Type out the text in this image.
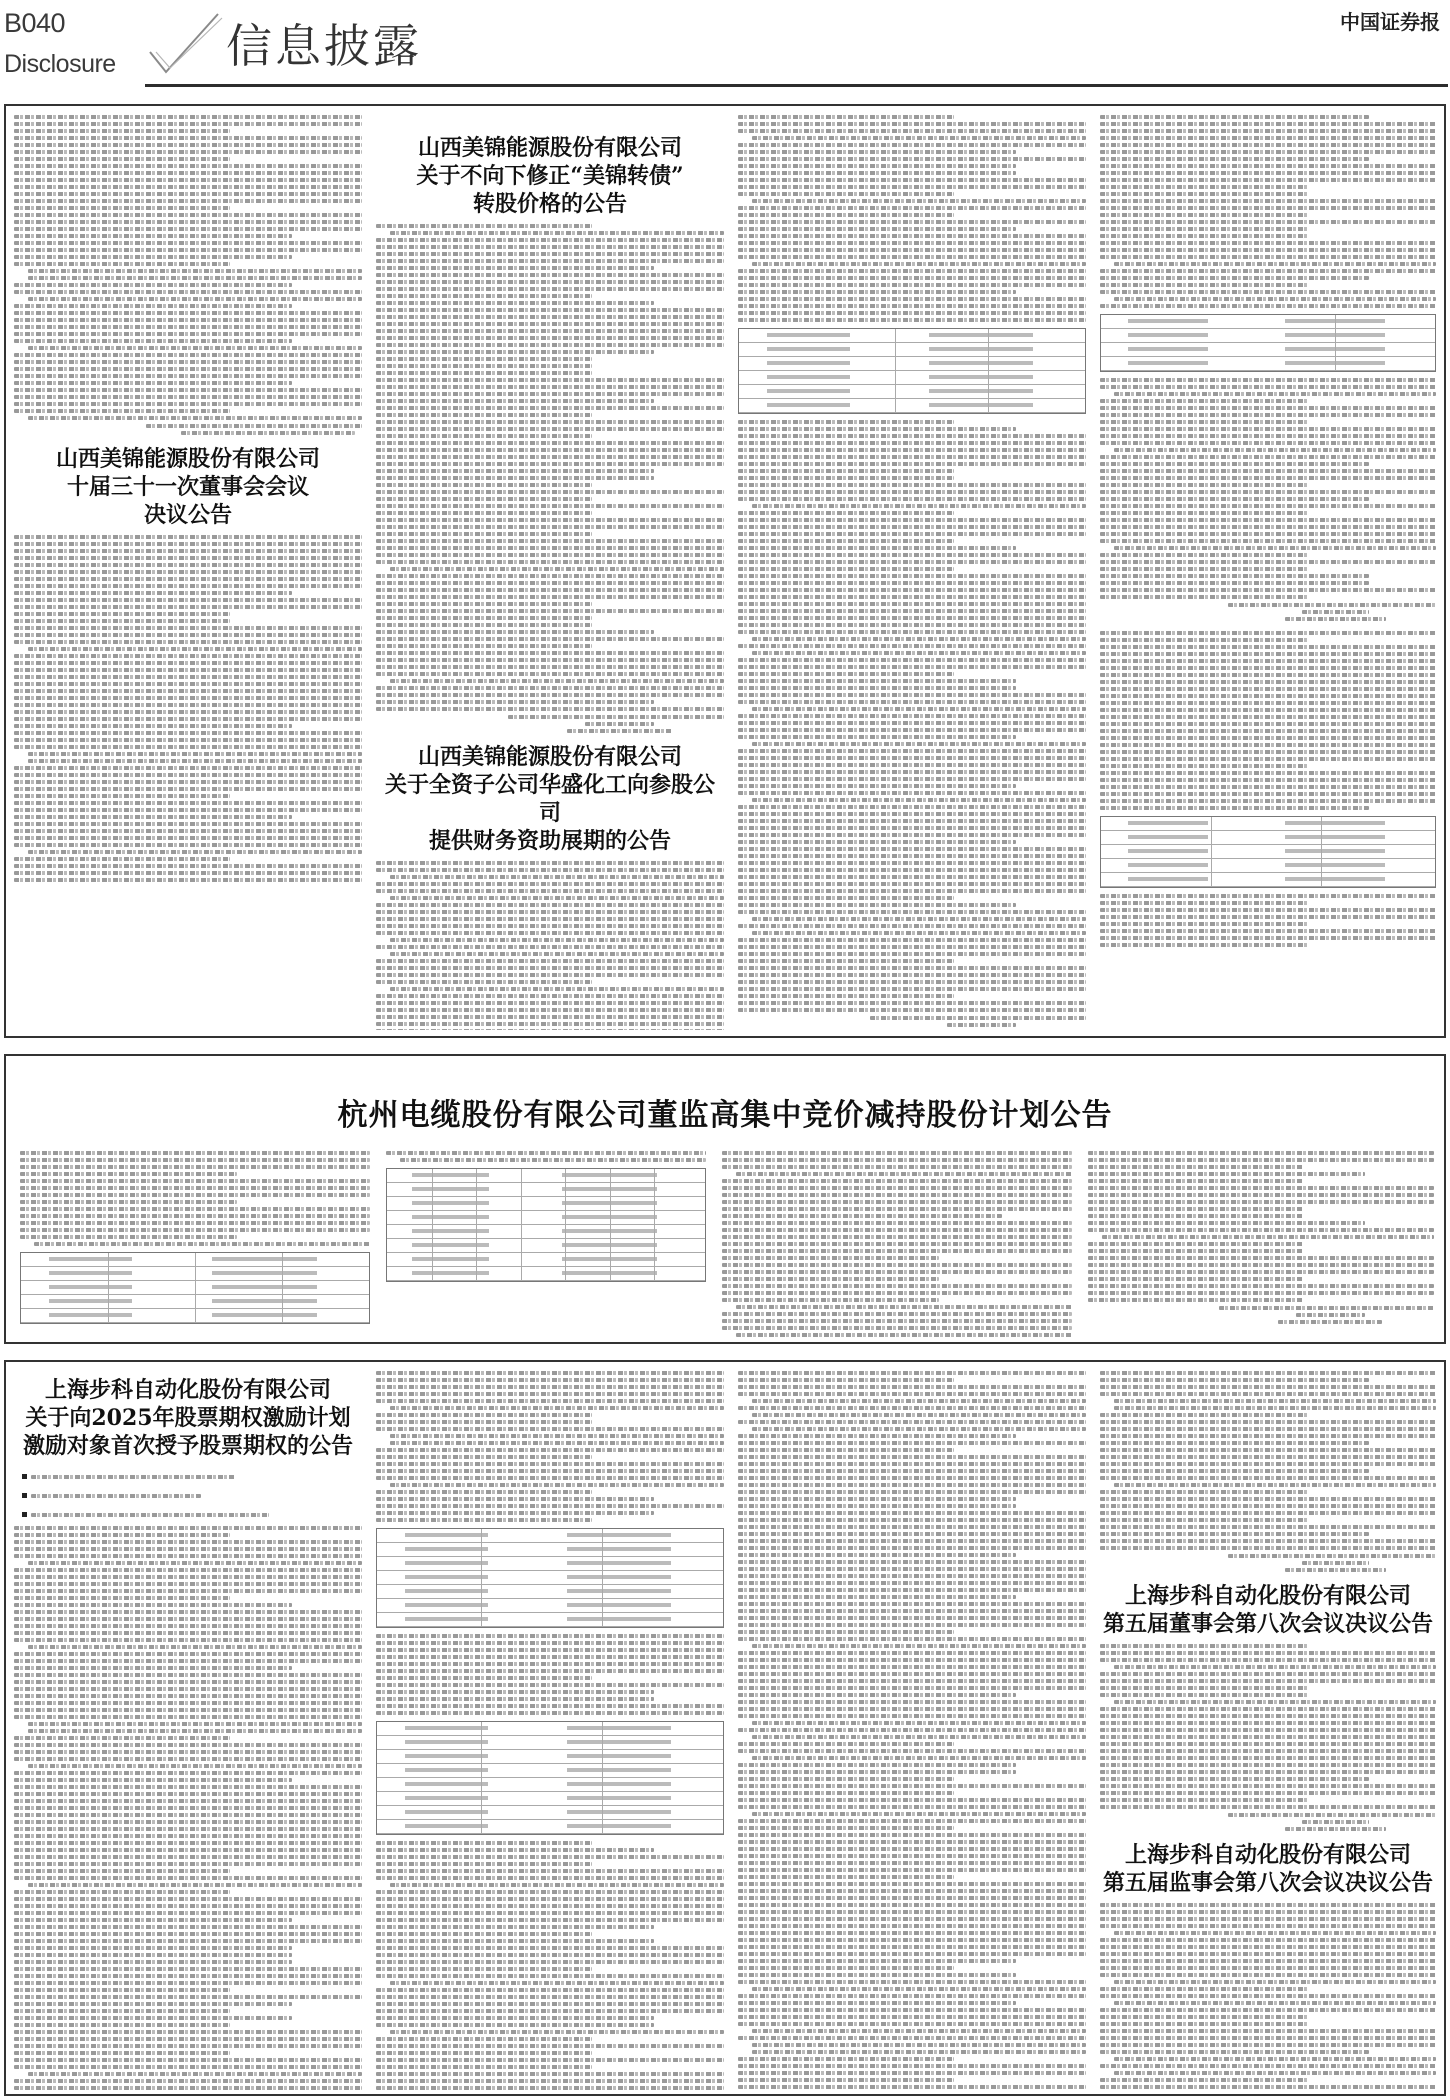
B040
Disclosure 信息披露	中国证券报
山西美锦能源股份有限公司
十届三十一次董事会会议
决议公告
山西美锦能源股份有限公司
关于不向下修正“美锦转债”
转股价格的公告
山西美锦能源股份有限公司
关于全资子公司华盛化工向参股公司
提供财务资助展期的公告
杭州电缆股份有限公司董监高集中竞价减持股份计划公告
上海步科自动化股份有限公司
关于向2025年股票期权激励计划
激励对象首次授予股票期权的公告
上海步科自动化股份有限公司
第五届董事会第八次会议决议公告
上海步科自动化股份有限公司
第五届监事会第八次会议决议公告
